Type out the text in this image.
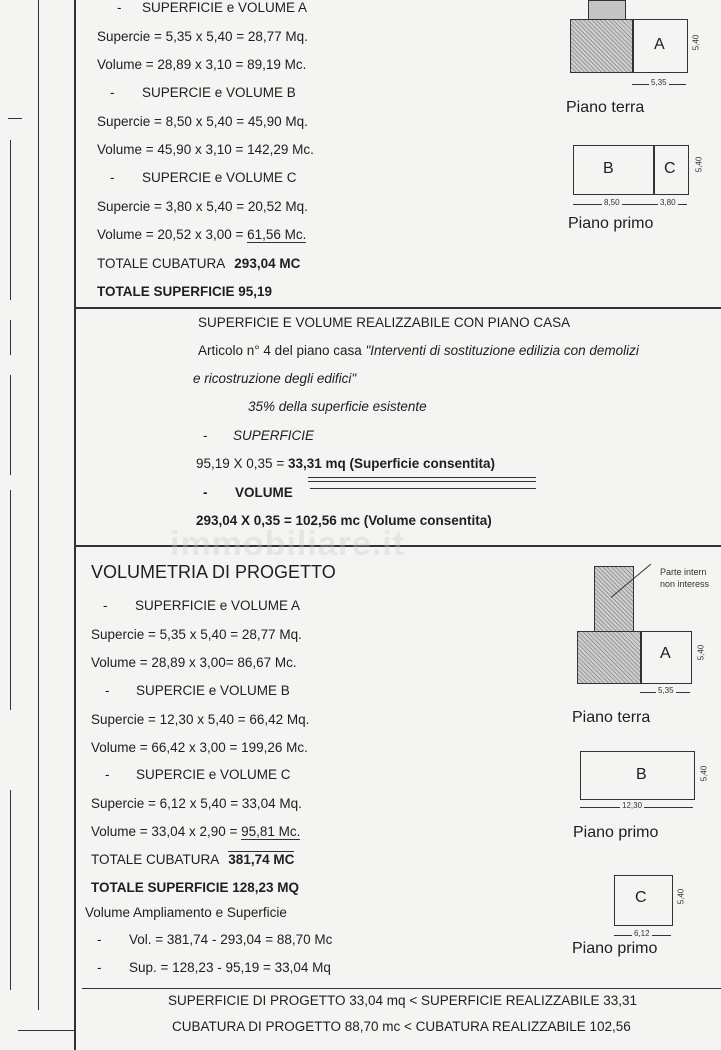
- SUPERFICIE e VOLUME A
Supercie = 5,35 x 5,40 = 28,77 Mq.
Volume = 28,89 x 3,10 = 89,19 Mc.
- SUPERCIE e VOLUME B
Supercie = 8,50 x 5,40 = 45,90 Mq.
Volume = 45,90 x 3,10 = 142,29 Mc.
- SUPERCIE e VOLUME C
Supercie = 3,80 x 5,40 = 20,52 Mq.
Volume = 20,52 x 3,00 = 61,56 Mc.
TOTALE CUBATURA 293,04 MC
TOTALE SUPERFICIE 95,19
A	5,40
5,35
Piano terra
B	C 5,40
8,50	3,80
Piano primo
SUPERFICIE E VOLUME REALIZZABILE CON PIANO CASA
Articolo n° 4 del piano casa "Interventi di sostituzione edilizia con demolizi
e ricostruzione degli edifici"
35% della superficie esistente
- SUPERFICIE
95,19 X 0,35 = 33,31 mq (Superficie consentita)
- VOLUME
293,04 X 0,35 = 102,56 mc (Volume consentita)
immobiliare.it
VOLUMETRIA DI PROGETTO
- SUPERFICIE e VOLUME A
Supercie = 5,35 x 5,40 = 28,77 Mq.
Volume = 28,89 x 3,00= 86,67 Mc.
- SUPERCIE e VOLUME B
Supercie = 12,30 x 5,40 = 66,42 Mq.
Volume = 66,42 x 3,00 = 199,26 Mc.
- SUPERCIE e VOLUME C
Supercie = 6,12 x 5,40 = 33,04 Mq.
Volume = 33,04 x 2,90 = 95,81 Mc.
TOTALE CUBATURA 381,74 MC
TOTALE SUPERFICIE 128,23 MQ
Volume Ampliamento e Superficie
- Vol. = 381,74 - 293,04 = 88,70 Mc
- Sup. = 128,23 - 95,19 = 33,04 Mq
Parte intern
non interess
A	5,40
5,35
Piano terra
B	5,40
12,30
Piano primo
C	5,40
6,12
Piano primo
SUPERFICIE DI PROGETTO 33,04 mq < SUPERFICIE REALIZZABILE 33,31
CUBATURA DI PROGETTO 88,70 mc < CUBATURA REALIZZABILE 102,56
